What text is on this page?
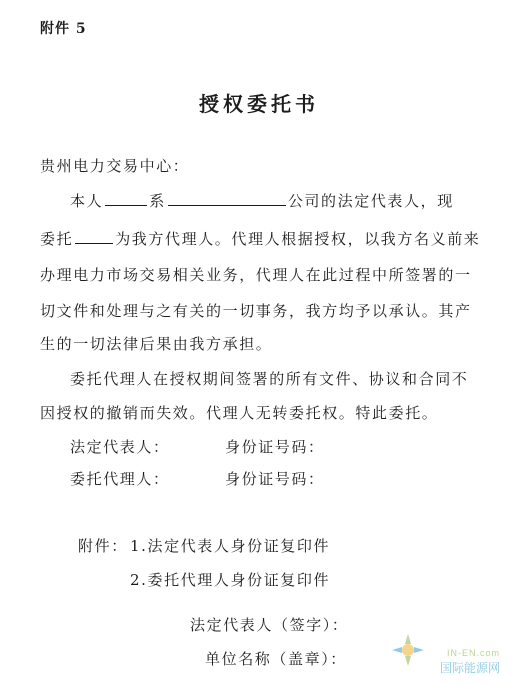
附件 5
授权委托书
贵州电力交易中心：
本人	系	公司的法定代表人，现
委托	为我方代理人。代理人根据授权，以我方名义前来
办理电力市场交易相关业务，代理人在此过程中所签署的一
切文件和处理与之有关的一切事务，我方均予以承认。其产
生的一切法律后果由我方承担。
委托代理人在授权期间签署的所有文件、协议和合同不
因授权的撤销而失效。代理人无转委托权。特此委托。
法定代表人：	身份证号码：
委托代理人：	身份证号码：
附件： 1.法定代表人身份证复印件
2.委托代理人身份证复印件
法定代表人（签字）：
单位名称（盖章）：	IN-EN.com
国际能源网
